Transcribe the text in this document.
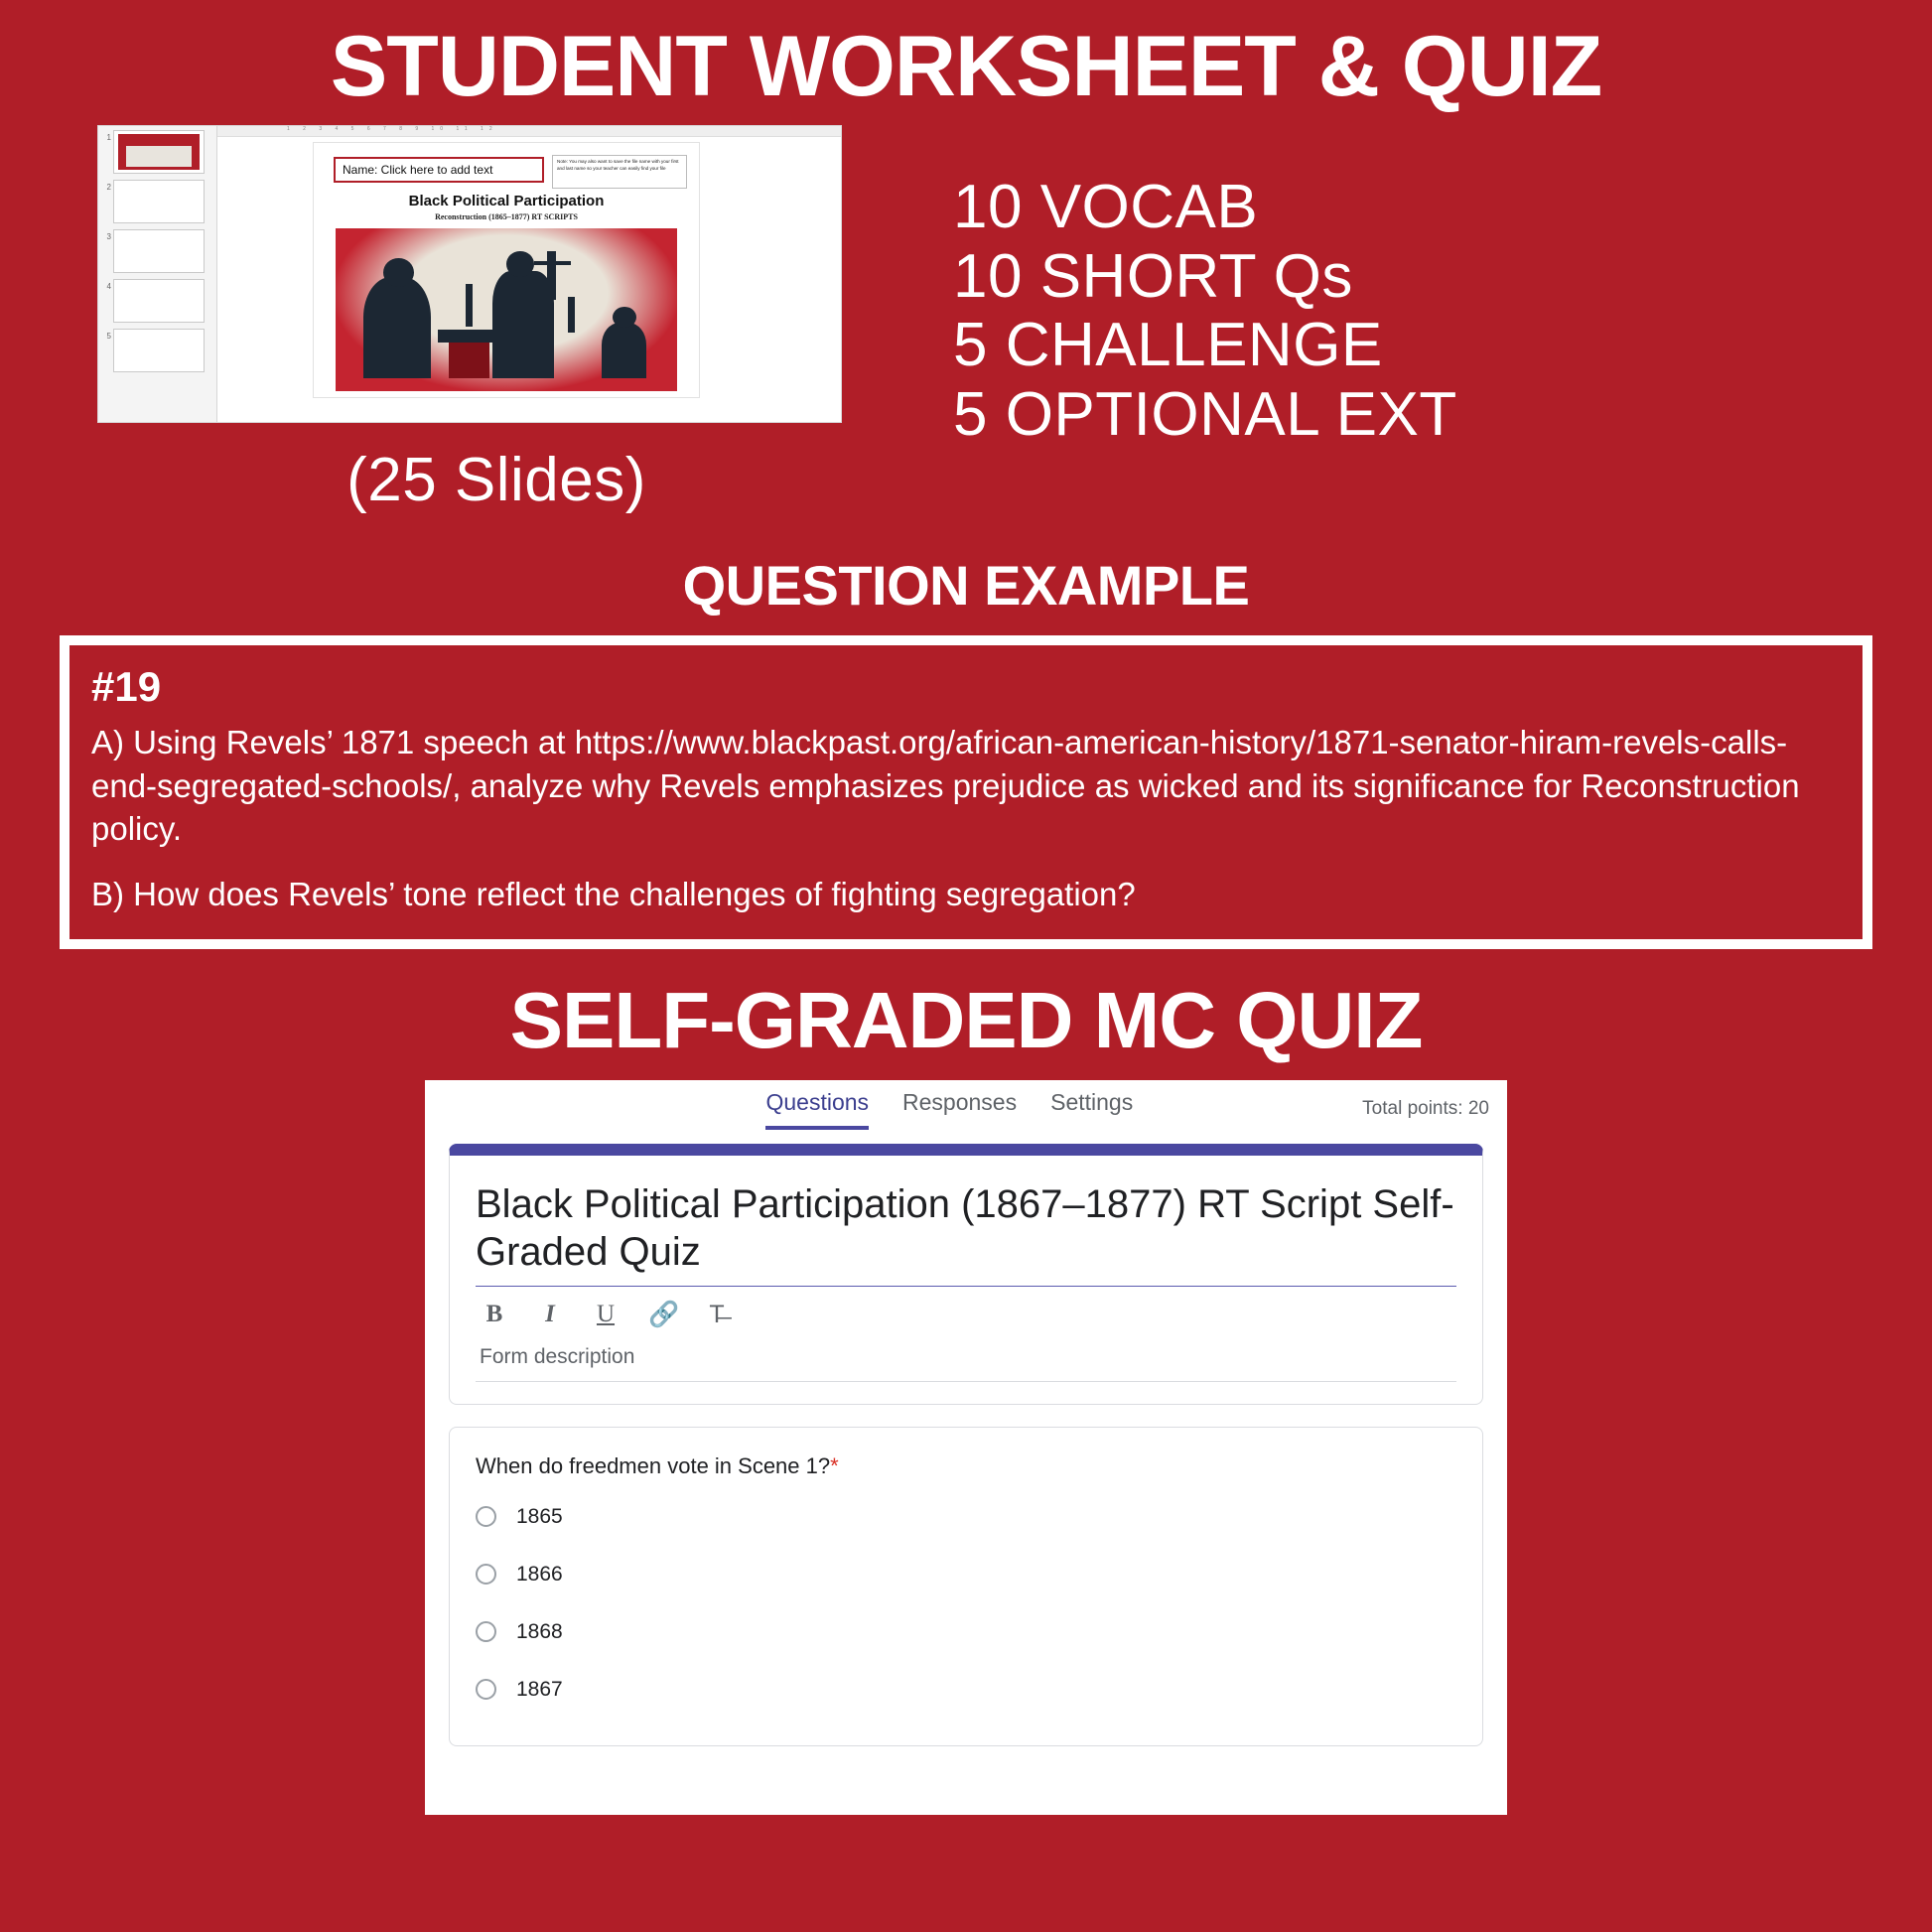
STUDENT WORKSHEET & QUIZ
1
2
3
4
5
1 2 3 4 5 6 7 8 9 10 11 12
Name: Click here to add text
Note: You may also want to save the file name with your first and last name so your teacher can easily find your file
Black Political Participation
Reconstruction (1865–1877) RT SCRIPTS
(25 Slides)
10 VOCAB
10 SHORT Qs
5 CHALLENGE
5 OPTIONAL EXT
QUESTION EXAMPLE
#19
A) Using Revels’ 1871 speech at https://www.blackpast.org/african-american-history/1871-senator-hiram-revels-calls-end-segregated-schools/, analyze why Revels emphasizes prejudice as wicked and its significance for Reconstruction policy.
B) How does Revels’ tone reflect the challenges of fighting segregation?
SELF-GRADED MC QUIZ
Questions Responses Settings	Total points: 20
Black Political Participation (1867–1877) RT Script Self-Graded Quiz
B	I	U 🔗 T̶
Form description
When do freedmen vote in Scene 1?*
1865
1866
1868
1867
